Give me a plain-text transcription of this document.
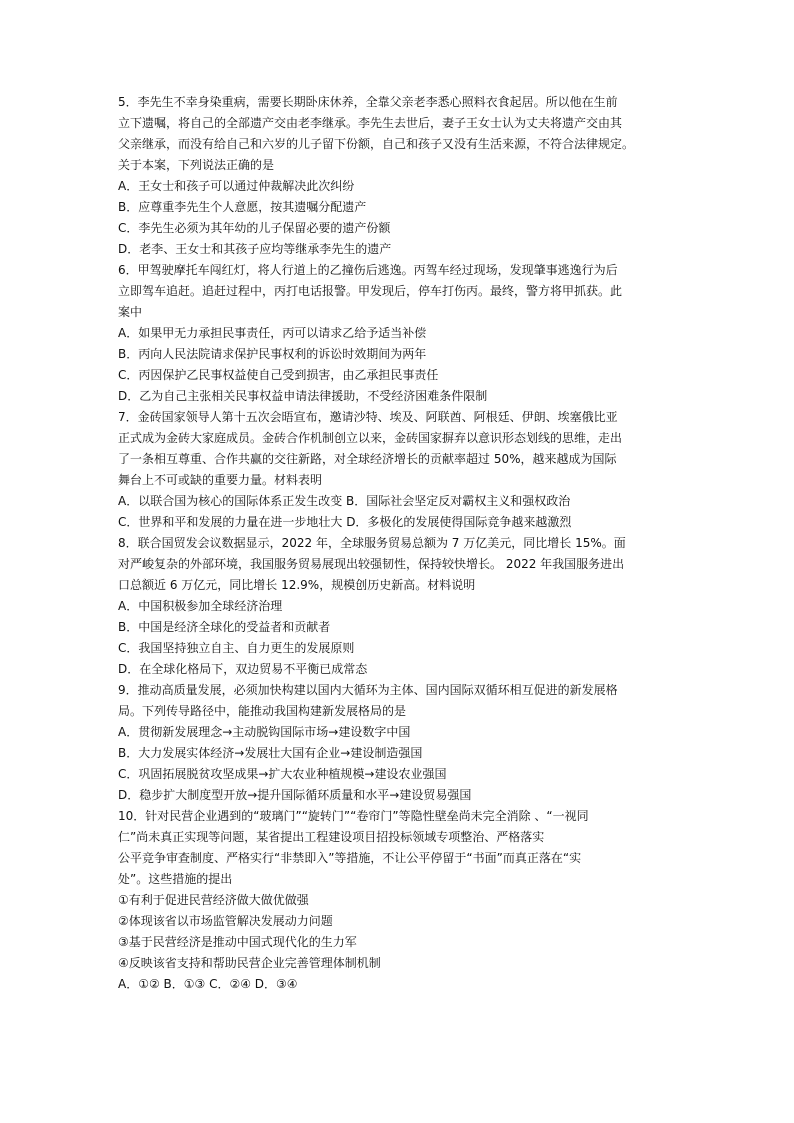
5．李先生不幸身染重病，需要长期卧床休养，全靠父亲老李悉心照料衣食起居。所以他在生前
立下遗嘱，将自己的全部遗产交由老李继承。李先生去世后，妻子王女士认为丈夫将遗产交由其
父亲继承，而没有给自己和六岁的儿子留下份额，自己和孩子又没有生活来源，不符合法律规定。
关于本案，下列说法正确的是
A．王女士和孩子可以通过仲裁解决此次纠纷
B．应尊重李先生个人意愿，按其遗嘱分配遗产
C．李先生必须为其年幼的儿子保留必要的遗产份额
D．老李、王女士和其孩子应均等继承李先生的遗产
6．甲驾驶摩托车闯红灯，将人行道上的乙撞伤后逃逸。丙驾车经过现场，发现肇事逃逸行为后
立即驾车追赶。追赶过程中，丙打电话报警。甲发现后，停车打伤丙。最终，警方将甲抓获。此
案中
A．如果甲无力承担民事责任，丙可以请求乙给予适当补偿
B．丙向人民法院请求保护民事权利的诉讼时效期间为两年
C．丙因保护乙民事权益使自己受到损害，由乙承担民事责任
D．乙为自己主张相关民事权益申请法律援助，不受经济困难条件限制
7．金砖国家领导人第十五次会晤宣布，邀请沙特、埃及、阿联酋、阿根廷、伊朗、埃塞俄比亚
正式成为金砖大家庭成员。金砖合作机制创立以来，金砖国家摒弃以意识形态划线的思维，走出
了一条相互尊重、合作共赢的交往新路，对全球经济增长的贡献率超过 50%，越来越成为国际
舞台上不可或缺的重要力量。材料表明
A．以联合国为核心的国际体系正发生改变 B．国际社会坚定反对霸权主义和强权政治
C．世界和平和发展的力量在进一步地壮大 D．多极化的发展使得国际竞争越来越激烈
8．联合国贸发会议数据显示，2022 年，全球服务贸易总额为 7 万亿美元，同比增长 15%。面
对严峻复杂的外部环境，我国服务贸易展现出较强韧性，保持较快增长。 2022 年我国服务进出
口总额近 6 万亿元，同比增长 12.9%，规模创历史新高。材料说明
A．中国积极参加全球经济治理
B．中国是经济全球化的受益者和贡献者
C．我国坚持独立自主、自力更生的发展原则
D．在全球化格局下，双边贸易不平衡已成常态
9．推动高质量发展，必须加快构建以国内大循环为主体、国内国际双循环相互促进的新发展格
局。下列传导路径中，能推动我国构建新发展格局的是
A．贯彻新发展理念→主动脱钩国际市场→建设数字中国
B．大力发展实体经济→发展壮大国有企业→建设制造强国
C．巩固拓展脱贫攻坚成果→扩大农业种植规模→建设农业强国
D．稳步扩大制度型开放→提升国际循环质量和水平→建设贸易强国
10．针对民营企业遇到的“玻璃门”“旋转门”“卷帘门”等隐性壁垒尚未完全消除 、“一视同
仁”尚未真正实现等问题，某省提出工程建设项目招投标领域专项整治、严格落实
公平竞争审查制度、严格实行“非禁即入”等措施，不让公平停留于“书面”而真正落在“实
处”。这些措施的提出
①有利于促进民营经济做大做优做强
②体现该省以市场监管解决发展动力问题
③基于民营经济是推动中国式现代化的生力军
④反映该省支持和帮助民营企业完善管理体制机制
A．①② B．①③ C．②④ D．③④
